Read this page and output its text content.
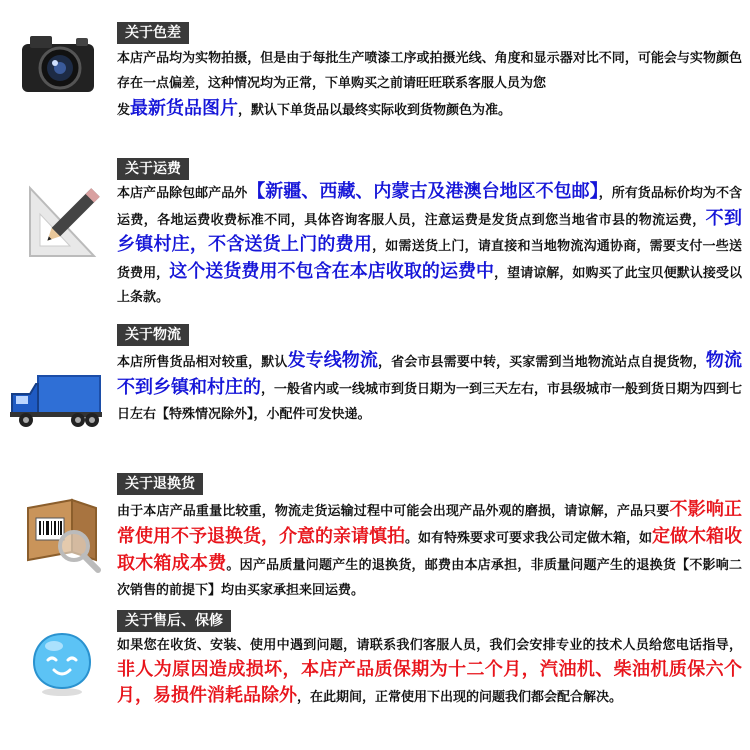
关于色差
本店产品均为实物拍摄，但是由于每批生产喷漆工序或拍摄光线、角度和显示器对比不同，可能会与实物颜色存在一点偏差，这种情况均为正常，下单购买之前请旺旺联系客服人员为您
发最新货品图片，默认下单货品以最终实际收到货物颜色为准。
关于运费
本店产品除包邮产品外【新疆、西藏、内蒙古及港澳台地区不包邮】，所有货品标价均为不含运费，各地运费收费标准不同，具体咨询客服人员，注意运费是发货点到您当地省市县的物流运费，不到乡镇村庄，不含送货上门的费用，如需送货上门，请直接和当地物流沟通协商，需要支付一些送货费用，这个送货费用不包含在本店收取的运费中，望请谅解，如购买了此宝贝便默认接受以上条款。
关于物流
本店所售货品相对较重，默认发专线物流，省会市县需要中转，买家需到当地物流站点自提货物，物流不到乡镇和村庄的，一般省内或一线城市到货日期为一到三天左右，市县级城市一般到货日期为四到七日左右【特殊情况除外】，小配件可发快递。
关于退换货
由于本店产品重量比较重，物流走货运输过程中可能会出现产品外观的磨损，请谅解，产品只要不影响正常使用不予退换货，介意的亲请慎拍。如有特殊要求可要求我公司定做木箱，如定做木箱收取木箱成本费。因产品质量问题产生的退换货，邮费由本店承担，非质量问题产生的退换货【不影响二次销售的前提下】均由买家承担来回运费。
关于售后、保修
如果您在收货、安装、使用中遇到问题，请联系我们客服人员，我们会安排专业的技术人员给您电话指导，非人为原因造成损坏，本店产品质保期为十二个月，汽油机、柴油机质保六个月，易损件消耗品除外，在此期间，正常使用下出现的问题我们都会配合解决。
